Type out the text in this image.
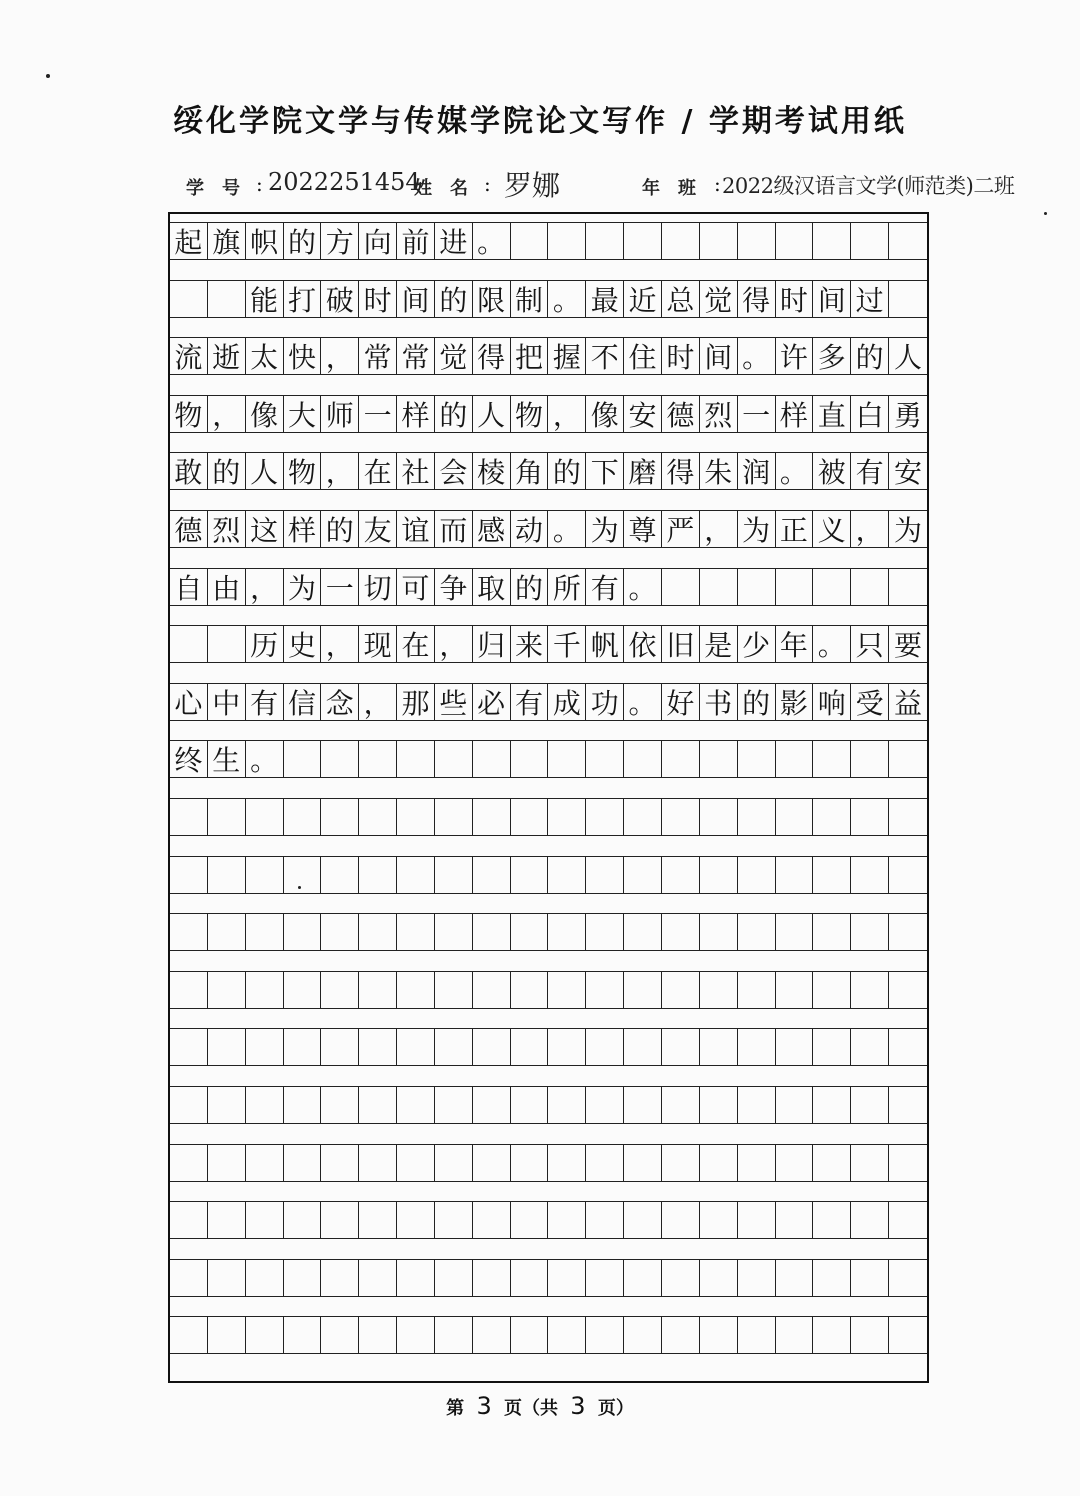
绥化学院文学与传媒学院论文写作 / 学期考试用纸
学号
: 2022251454
姓名
: 罗娜	年班 : 2022级汉语言文学(师范类)二班
起 旗 帜 的 方 向 前 进 。
能 打 破 时 间 的 限 制 。 最 近 总 觉 得 时 间 过
流 逝 太 快 ， 常 常 觉 得 把 握 不 住 时 间 。 许 多 的 人
物 ， 像 大 师 一 样 的 人 物 ， 像 安 德 烈 一 样 直 白 勇
敢 的 人 物 ， 在 社 会 棱 角 的 下 磨 得 朱 润 。 被 有 安
德 烈 这 样 的 友 谊 而 感 动 。 为 尊 严 ， 为 正 义 ， 为
自 由 ， 为 一 切 可 争 取 的 所 有 。
历 史 ， 现 在 ， 归 来 千 帆 依 旧 是 少 年 。 只 要
心 中 有 信 念 ， 那 些 必 有 成 功 。 好 书 的 影 响 受 益
终 生 。
第 3 页（共 3 页）
